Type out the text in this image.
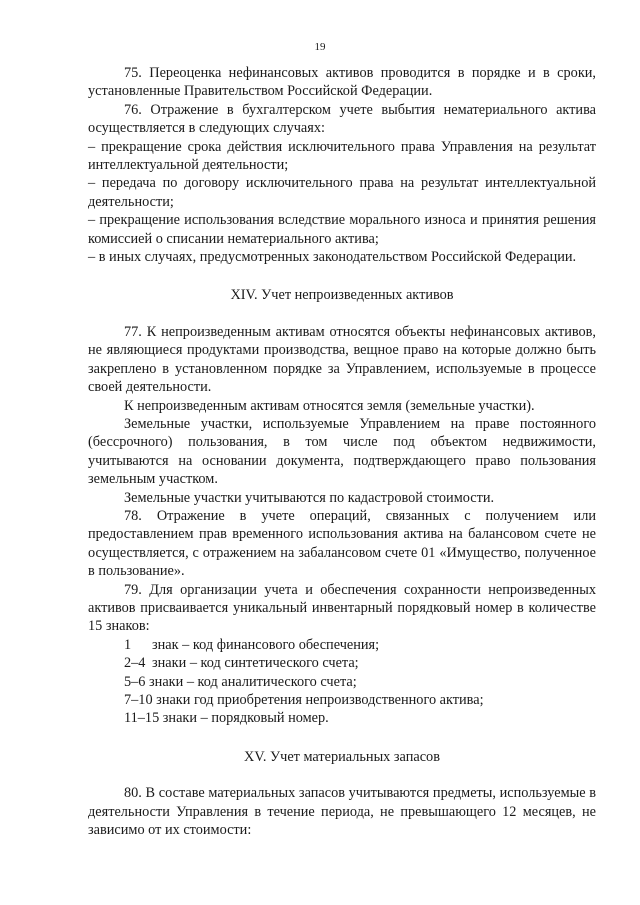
19

75. Переоценка нефинансовых активов проводится в порядке и в сроки, установленные Правительством Российской Федерации.

76. Отражение в бухгалтерском учете выбытия нематериального актива осуществляется в следующих случаях:

– прекращение срока действия исключительного права Управления на результат интеллектуальной деятельности;

– передача по договору исключительного права на результат интеллектуальной деятельности;

– прекращение использования вследствие морального износа и принятия решения комиссией о списании нематериального актива;

– в иных случаях, предусмотренных законодательством Российской Федерации.

XIV. Учет непроизведенных активов

77. К непроизведенным активам относятся объекты нефинансовых активов, не являющиеся продуктами производства, вещное право на которые должно быть закреплено в установленном порядке за Управлением, используемые в процессе своей деятельности.

К непроизведенным активам относятся земля (земельные участки).

Земельные участки, используемые Управлением на праве постоянного (бессрочного) пользования, в том числе под объектом недвижимости, учитываются на основании документа, подтверждающего право пользования земельным участком.

Земельные участки учитываются по кадастровой стоимости.

78. Отражение в учете операций, связанных с получением или предоставлением прав временного использования актива на балансовом счете не осуществляется, с отражением на забалансовом счете 01 «Имущество, полученное в пользование».

79. Для организации учета и обеспечения сохранности непроизведенных активов присваивается уникальный инвентарный порядковый номер в количестве 15 знаков:

1	знак – код финансового обеспечения;
2–4 знаки – код синтетического счета;

5–6 знаки – код аналитического счета;

7–10 знаки год приобретения непроизводственного актива;

11–15 знаки – порядковый номер.

XV. Учет материальных запасов

80. В составе материальных запасов учитываются предметы, используемые в деятельности Управления в течение периода, не превышающего 12 месяцев, не зависимо от их стоимости:
